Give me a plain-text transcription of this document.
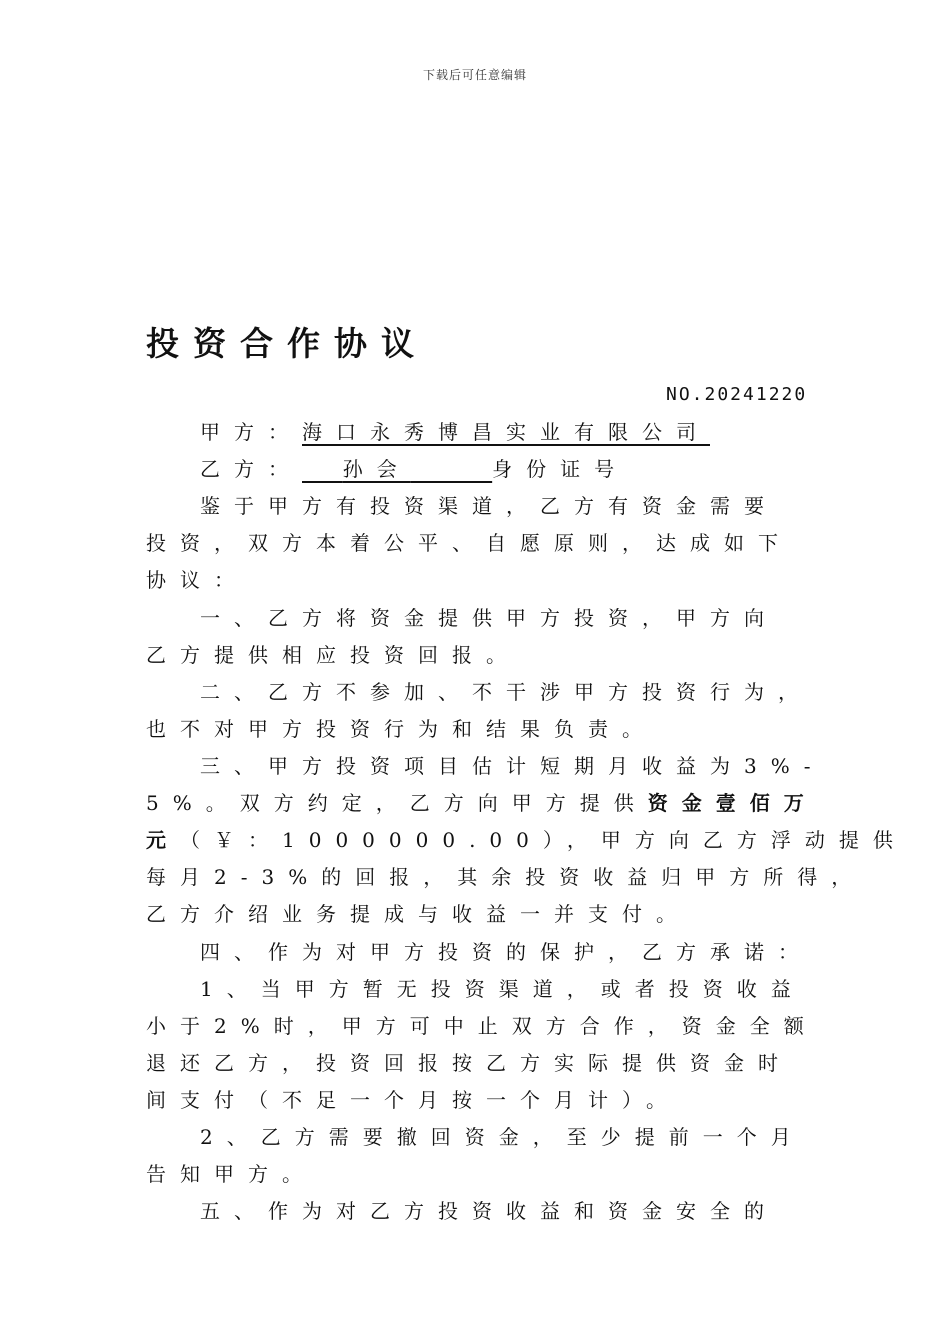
下载后可任意编辑
投资合作协议
NO.20241220
甲方：海口永秀博昌实业有限公司
乙方： 孙会	身份证号
鉴于甲方有投资渠道，乙方有资金需要
投资，双方本着公平、自愿原则，达成如下
协议：
一、乙方将资金提供甲方投资，甲方向
乙方提供相应投资回报。
二、乙方不参加、不干涉甲方投资行为，
也不对甲方投资行为和结果负责。
三、甲方投资项目估计短期月收益为3%-
5%。双方约定，乙方向甲方提供资金壹佰万
元（￥：1000000.00），甲方向乙方浮动提供
每月2-3%的回报，其余投资收益归甲方所得，
乙方介绍业务提成与收益一并支付。
四、作为对甲方投资的保护，乙方承诺：
1、当甲方暂无投资渠道，或者投资收益
小于2%时，甲方可中止双方合作，资金全额
退还乙方，投资回报按乙方实际提供资金时
间支付（不足一个月按一个月计）。
2、乙方需要撤回资金，至少提前一个月
告知甲方。
五、作为对乙方投资收益和资金安全的
